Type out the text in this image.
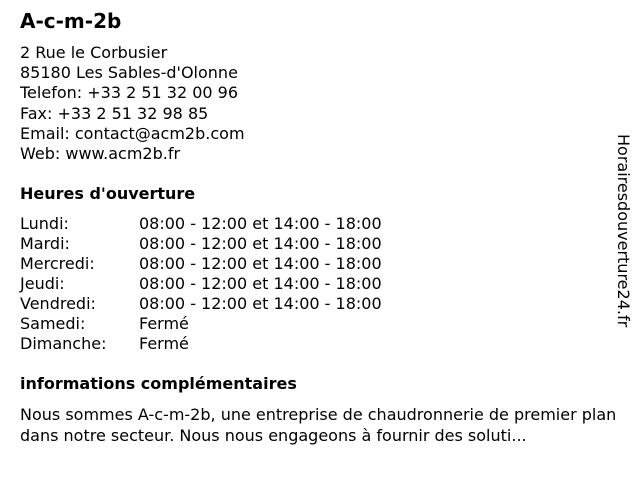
A-c-m-2b
2 Rue le Corbusier
85180 Les Sables-d'Olonne
Telefon: +33 2 51 32 00 96
Fax: +33 2 51 32 98 85
Email: contact@acm2b.com
Web: www.acm2b.fr
Heures d'ouverture
Lundi:	08:00 - 12:00 et 14:00 - 18:00
Mardi:	08:00 - 12:00 et 14:00 - 18:00
Mercredi:	08:00 - 12:00 et 14:00 - 18:00
Jeudi:	08:00 - 12:00 et 14:00 - 18:00
Vendredi:	08:00 - 12:00 et 14:00 - 18:00
Samedi:	Fermé
Dimanche: Fermé
informations complémentaires
Nous sommes A-c-m-2b, une entreprise de chaudronnerie de premier plan dans notre secteur. Nous nous engageons à fournir des soluti...
Horairesdouverture24.fr
